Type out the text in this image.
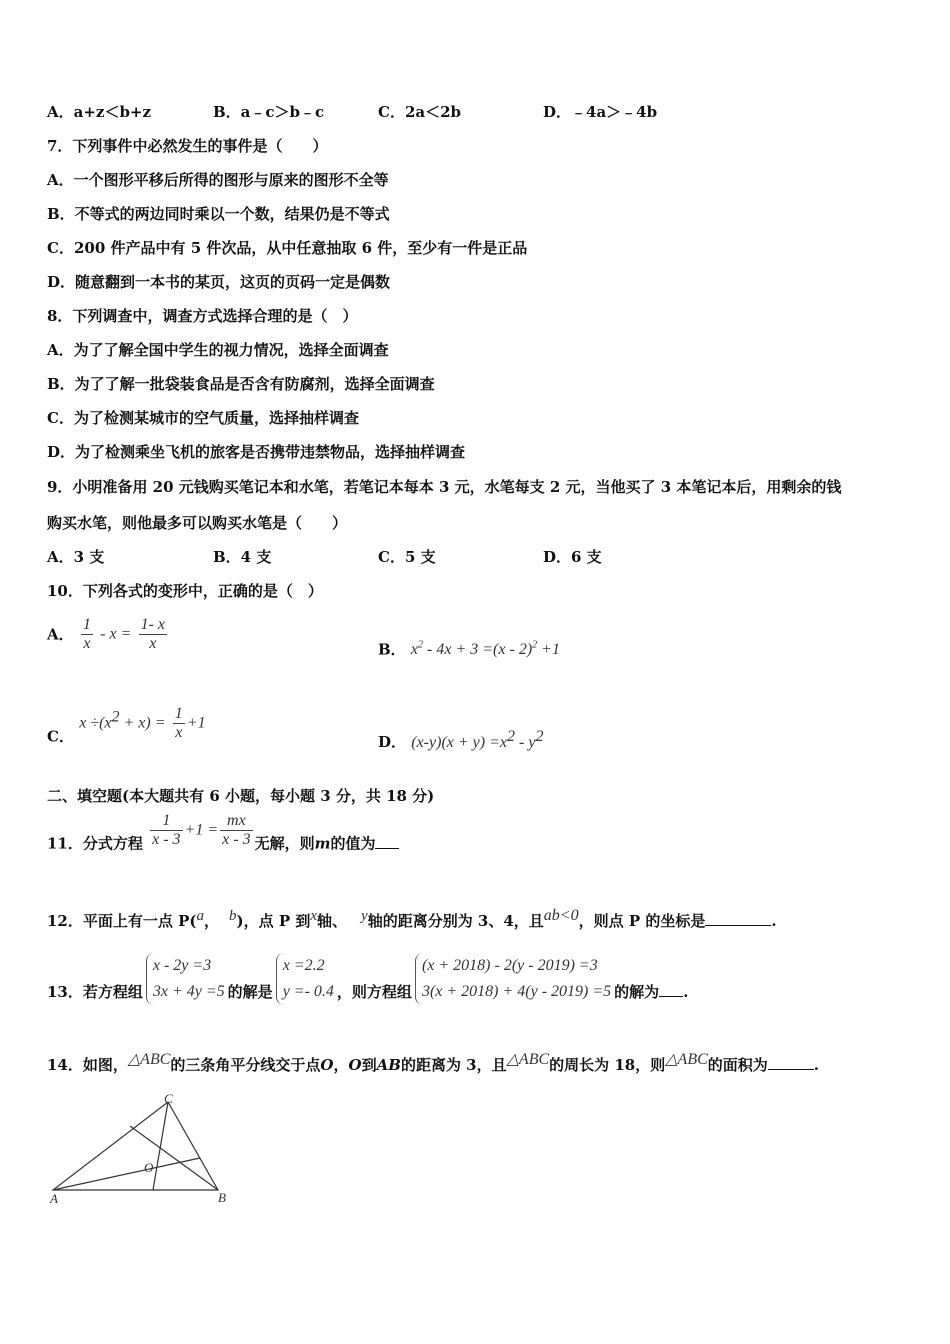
A．a+z＜b+z	B．a﹣c＞b﹣c	C．2a＜2b	D．﹣4a＞﹣4b
7．下列事件中必然发生的事件是（　　）
A．一个图形平移后所得的图形与原来的图形不全等
B．不等式的两边同时乘以一个数，结果仍是不等式
C．200 件产品中有 5 件次品，从中任意抽取 6 件，至少有一件是正品
D．随意翻到一本书的某页，这页的页码一定是偶数
8．下列调查中，调查方式选择合理的是（　）
A．为了了解全国中学生的视力情况，选择全面调查
B．为了了解一批袋装食品是否含有防腐剂，选择全面调查
C．为了检测某城市的空气质量，选择抽样调查
D．为了检测乘坐飞机的旅客是否携带违禁物品，选择抽样调查
9．小明准备用 20 元钱购买笔记本和水笔，若笔记本每本 3 元，水笔每支 2 元，当他买了 3 本笔记本后，用剩余的钱
购买水笔，则他最多可以购买水笔是（　　）
A．3 支	B．4 支	C．5 支	D．6 支
10．下列各式的变形中，正确的是（　）
A． $\frac{1}{x} - x = \frac{1- x}{x}$	B． $x^2 - 4x + 3 =(x - 2)^2 +1$
C． $x \div(x^2 + x) = \frac{1}{x} +1$
D． $(x-y)(x + y) =x^2 - y^2$
二、填空题(本大题共有 6 小题，每小题 3 分，共 18 分)
11．分式方程 $\frac{1}{x - 3} +1 = \frac{mx}{x - 3}$ 无解，则m的值为
12．平面上有一点 P($^a$， $^b$)，点 P 到$^x$轴、 $^y$轴的距离分别为 3、4，且$^{ab<0}$，则点 P 的坐标是	.
13．若方程组
x - 2y =3
3x + 4y =5 的解是
x =2.2
y =- 0.4 ，则方程组
(x + 2018) - 2(y - 2019) =3
3(x + 2018) + 4(y - 2019) =5 的解为 .
14．如图，$^{\triangle ABC}$的三条角平分线交于点O，O到AB的距离为 3，且$^{\triangle ABC}$的周长为 18，则$^{\triangle ABC}$的面积为	.
A	B
C
O
